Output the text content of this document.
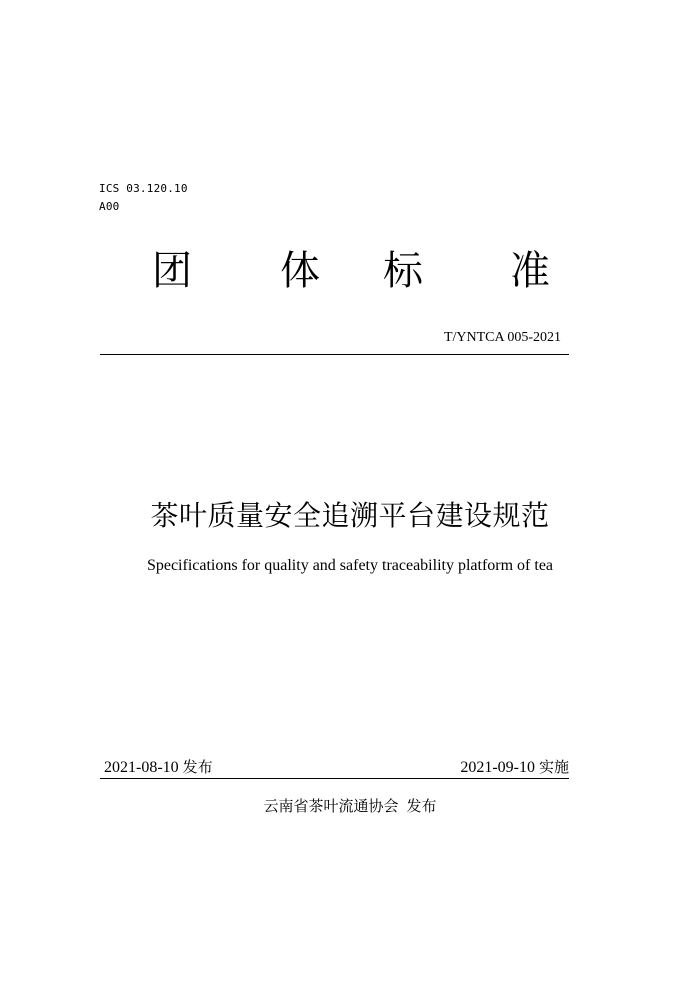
ICS 03.120.10
A00
团 体 标 准
T/YNTCA 005-2021
茶叶质量安全追溯平台建设规范
Specifications for quality and safety traceability platform of tea
2021-08-10 发布	2021-09-10 实施
云南省茶叶流通协会 发布
